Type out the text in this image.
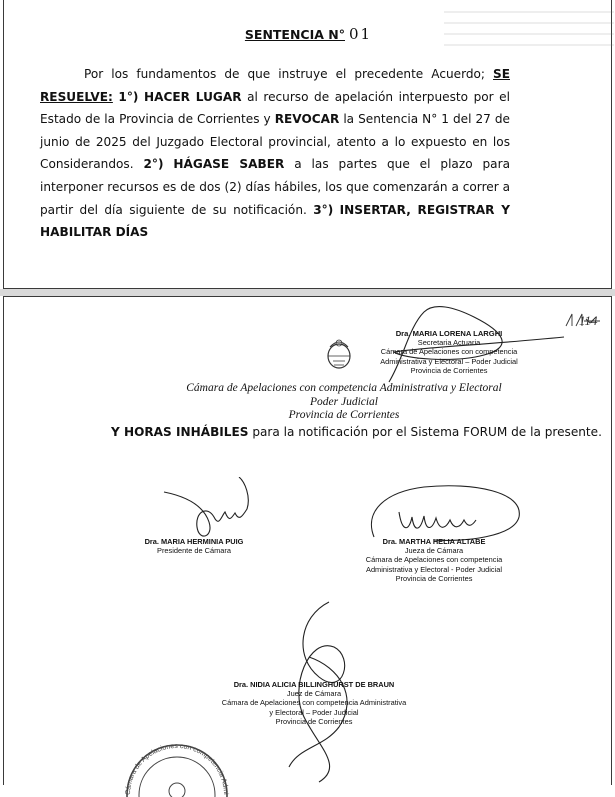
SENTENCIA N° 01
Por los fundamentos de que instruye el precedente Acuerdo; SE RESUELVE: 1°) HACER LUGAR al recurso de apelación interpuesto por el Estado de la Provincia de Corrientes y REVOCAR la Sentencia N° 1 del 27 de junio de 2025 del Juzgado Electoral provincial, atento a lo expuesto en los Considerandos. 2°) HÁGASE SABER a las partes que el plazo para interponer recursos es de dos (2) días hábiles, los que comenzarán a correr a partir del día siguiente de su notificación. 3°) INSERTAR, REGISTRAR Y HABILITAR DÍAS
114
Dra. MARIA LORENA LARGHI
Secretaria Actuaria
Cámara de Apelaciones con competencia
Administrativa y Electoral – Poder Judicial
Provincia de Corrientes
Cámara de Apelaciones con competencia Administrativa y Electoral
Poder Judicial
Provincia de Corrientes
Y HORAS INHÁBILES para la notificación por el Sistema FORUM de la presente.
Dra. MARIA HERMINIA PUIG
Presidente de Cámara
Dra. MARTHA HELIA ALTABE
Jueza de Cámara
Cámara de Apelaciones con competencia
Administrativa y Electoral - Poder Judicial
Provincia de Corrientes
Dra. NIDIA ALICIA BILLINGHURST DE BRAUN
Juez de Cámara
Cámara de Apelaciones con competencia Administrativa
y Electoral – Poder Judicial
Provincia de Corrientes
Cámara de Apelaciones con competencia Admi
